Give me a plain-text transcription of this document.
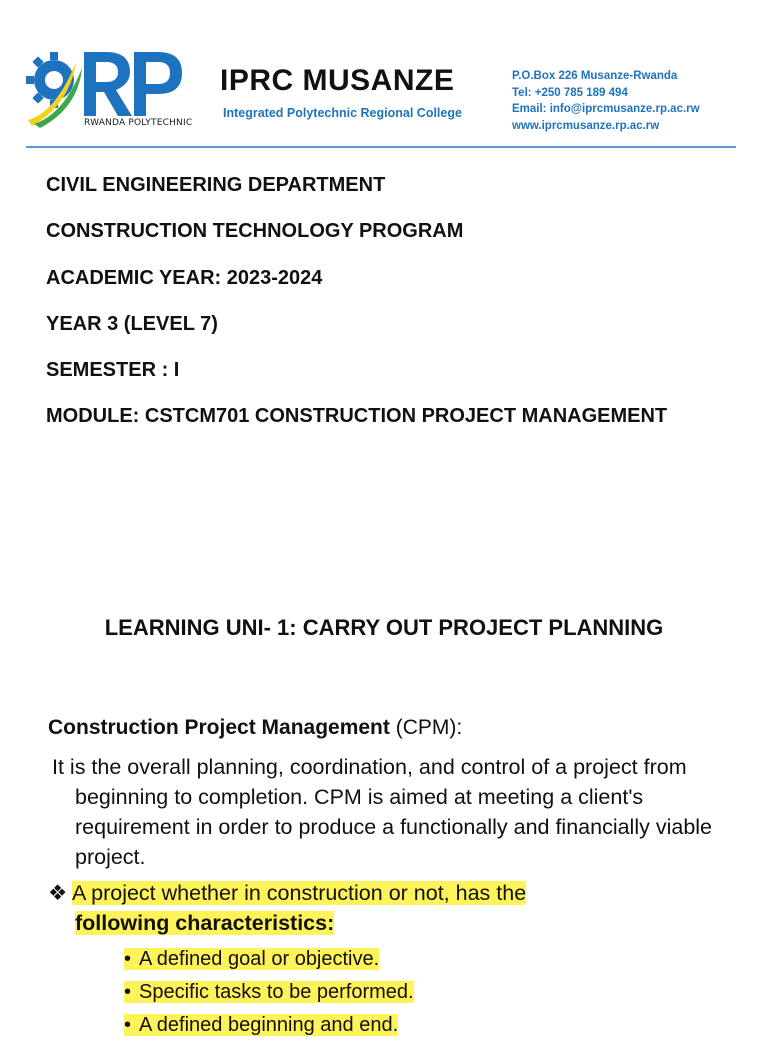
RWANDA POLYTECHNIC
IPRC MUSANZE
Integrated Polytechnic Regional College
P.O.Box 226 Musanze-Rwanda
Tel: +250 785 189 494
Email: info@iprcmusanze.rp.ac.rw
www.iprcmusanze.rp.ac.rw
CIVIL ENGINEERING DEPARTMENT
CONSTRUCTION TECHNOLOGY PROGRAM
ACADEMIC YEAR: 2023-2024
YEAR 3 (LEVEL 7)
SEMESTER : I
MODULE: CSTCM701 CONSTRUCTION PROJECT MANAGEMENT
LEARNING UNI- 1: CARRY OUT PROJECT PLANNING
Construction Project Management (CPM):
It is the overall planning, coordination, and control of a project from beginning to completion. CPM is aimed at meeting a client's requirement in order to produce a functionally and financially viable project.
❖ A project whether in construction or not, has the
following characteristics:
• A defined goal or objective.
• Specific tasks to be performed.
• A defined beginning and end.
